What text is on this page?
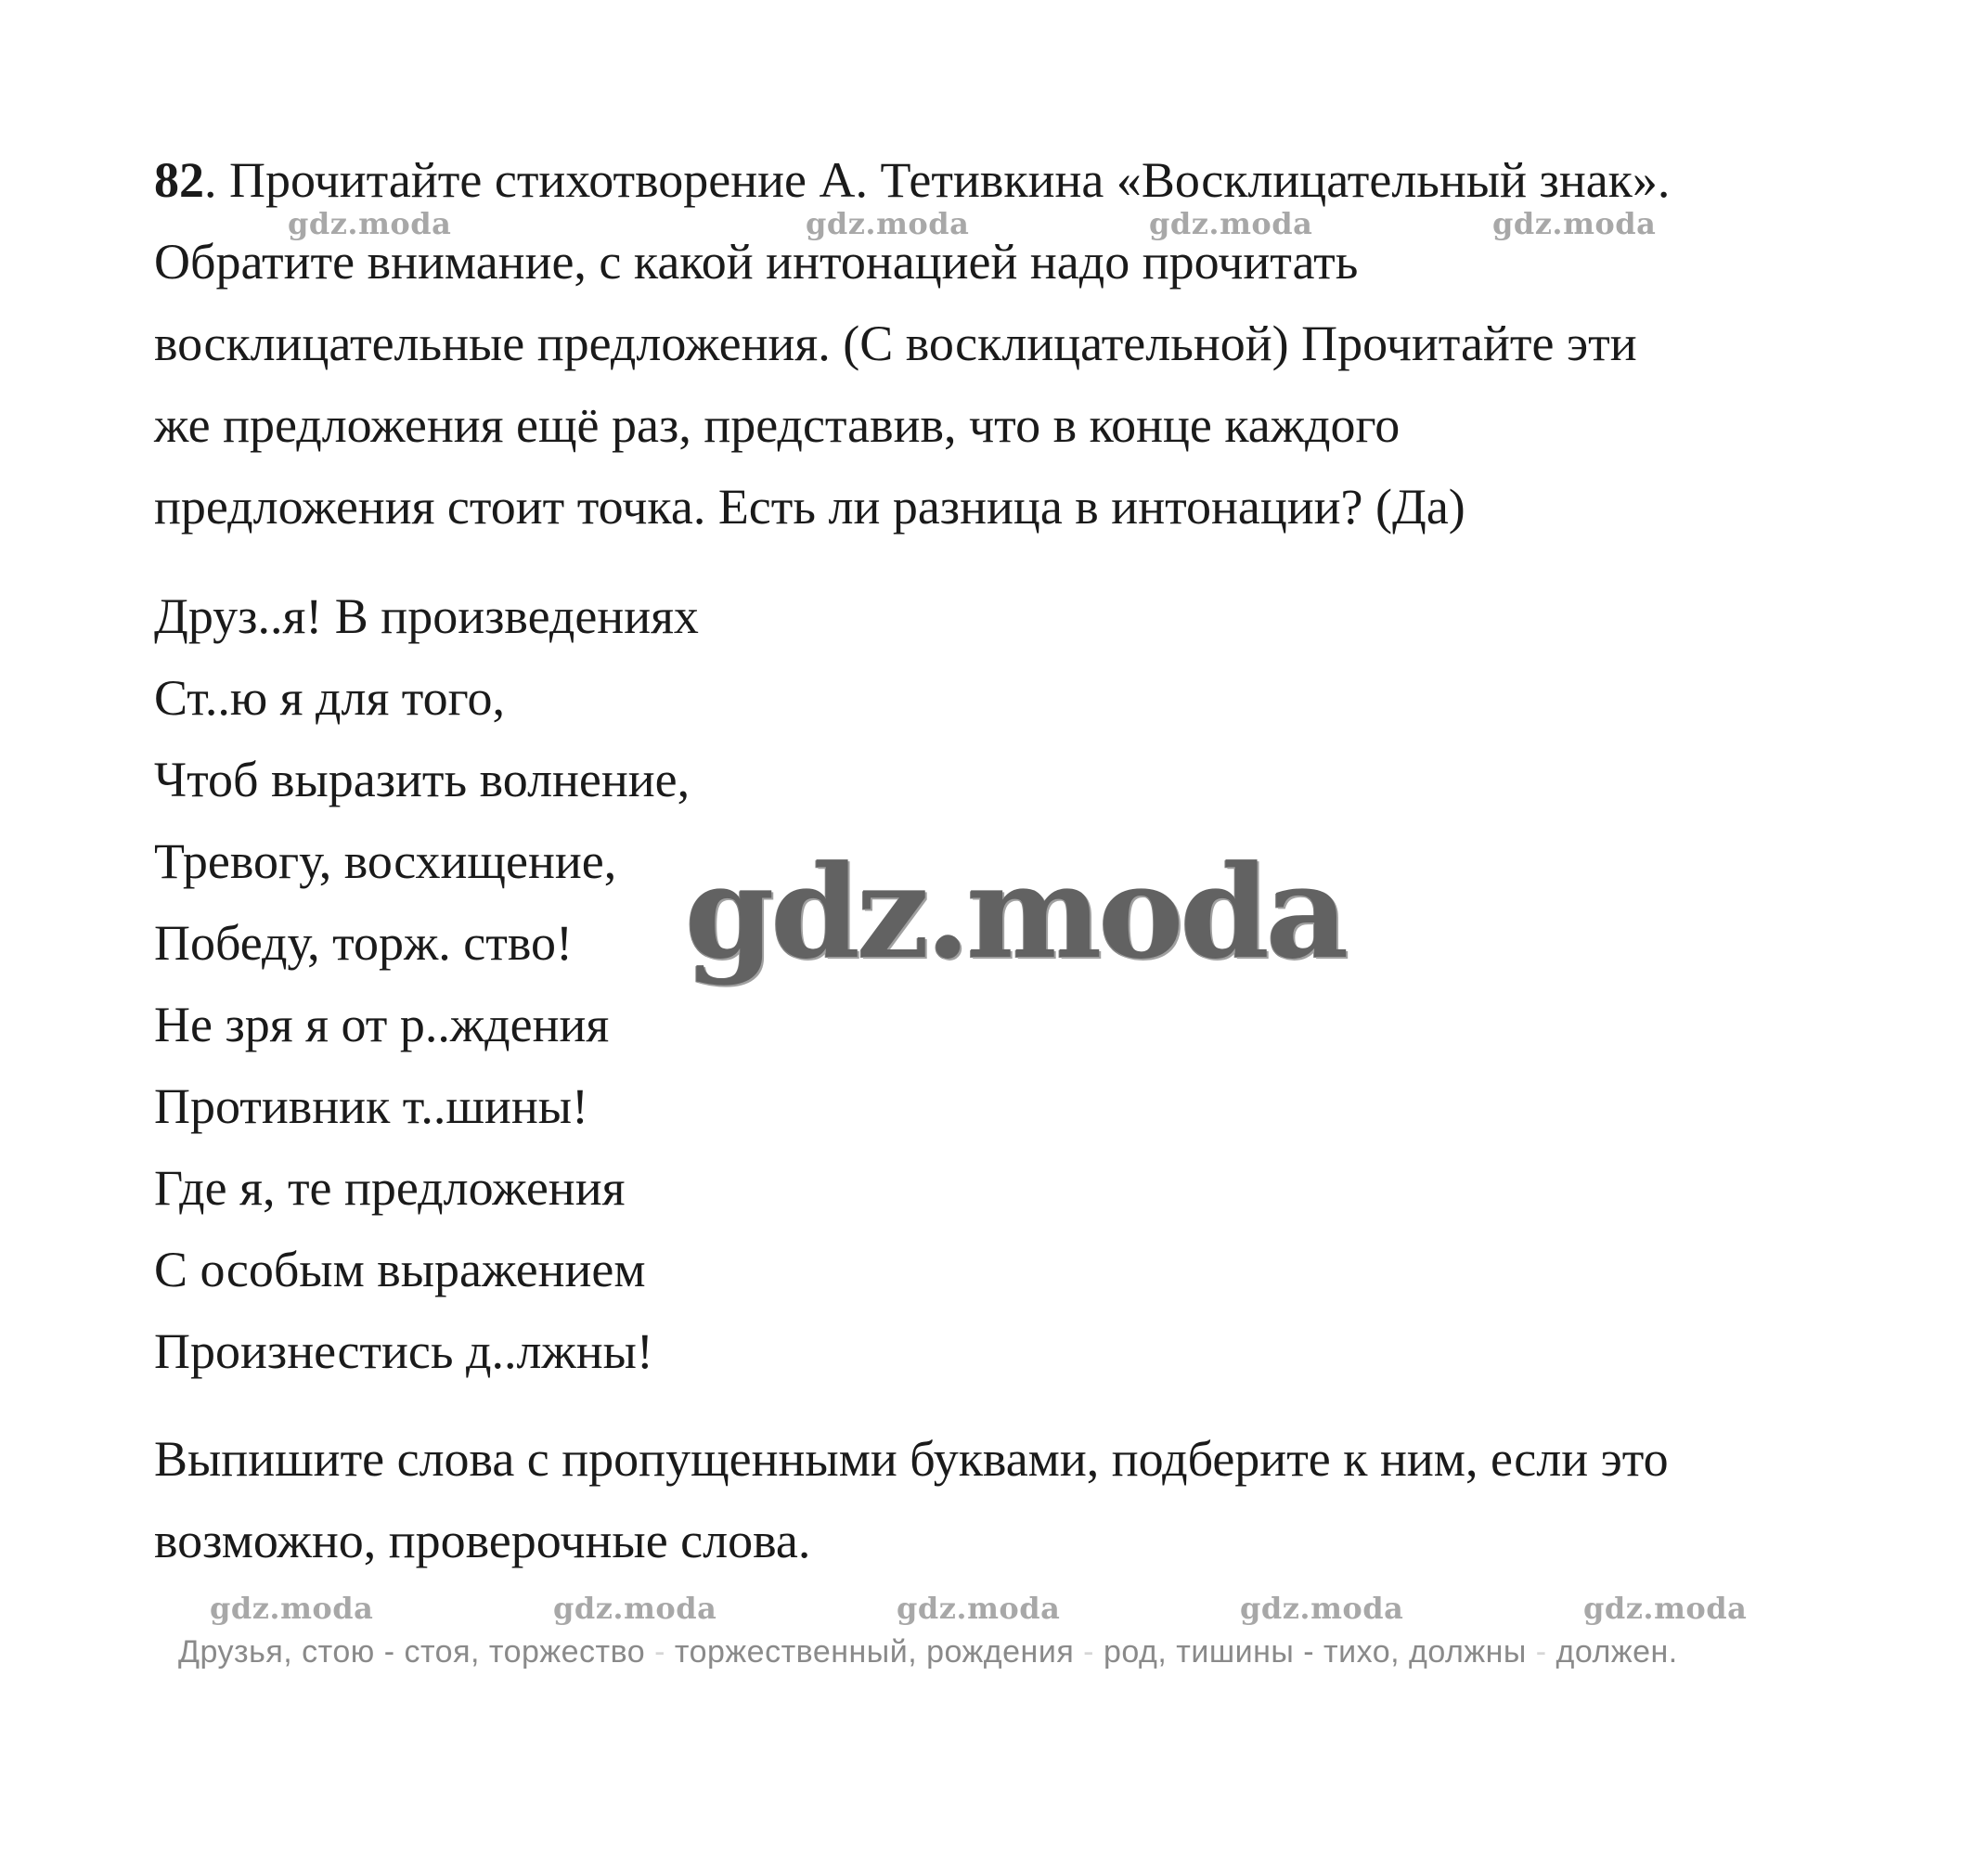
82. Прочитайте стихотворение А. Тетивкина «Восклицательный знак».
Обратите внимание, с какой интонацией надо прочитать
восклицательные предложения. (С восклицательной) Прочитайте эти
же предложения ещё раз, представив, что в конце каждого
предложения стоит точка. Есть ли разница в интонации? (Да)
Друз..я! В произведениях
Ст..ю я для того,
Чтоб выразить волнение,
Тревогу, восхищение,
Победу, торж. ство!
Не зря я от р..ждения
Противник т..шины!
Где я, те предложения
С особым выражением
Произнестись д..лжны!
Выпишите слова с пропущенными буквами, подберите к ним, если это
возможно, проверочные слова.
Друзья, стою - стоя, торжество - торжественный, рождения - род, тишины - тихо, должны - должен.
gdz.moda	gdz.moda	gdz.moda	gdz.moda
gdz.moda
gdz.moda	gdz.moda	gdz.moda	gdz.moda	gdz.moda
